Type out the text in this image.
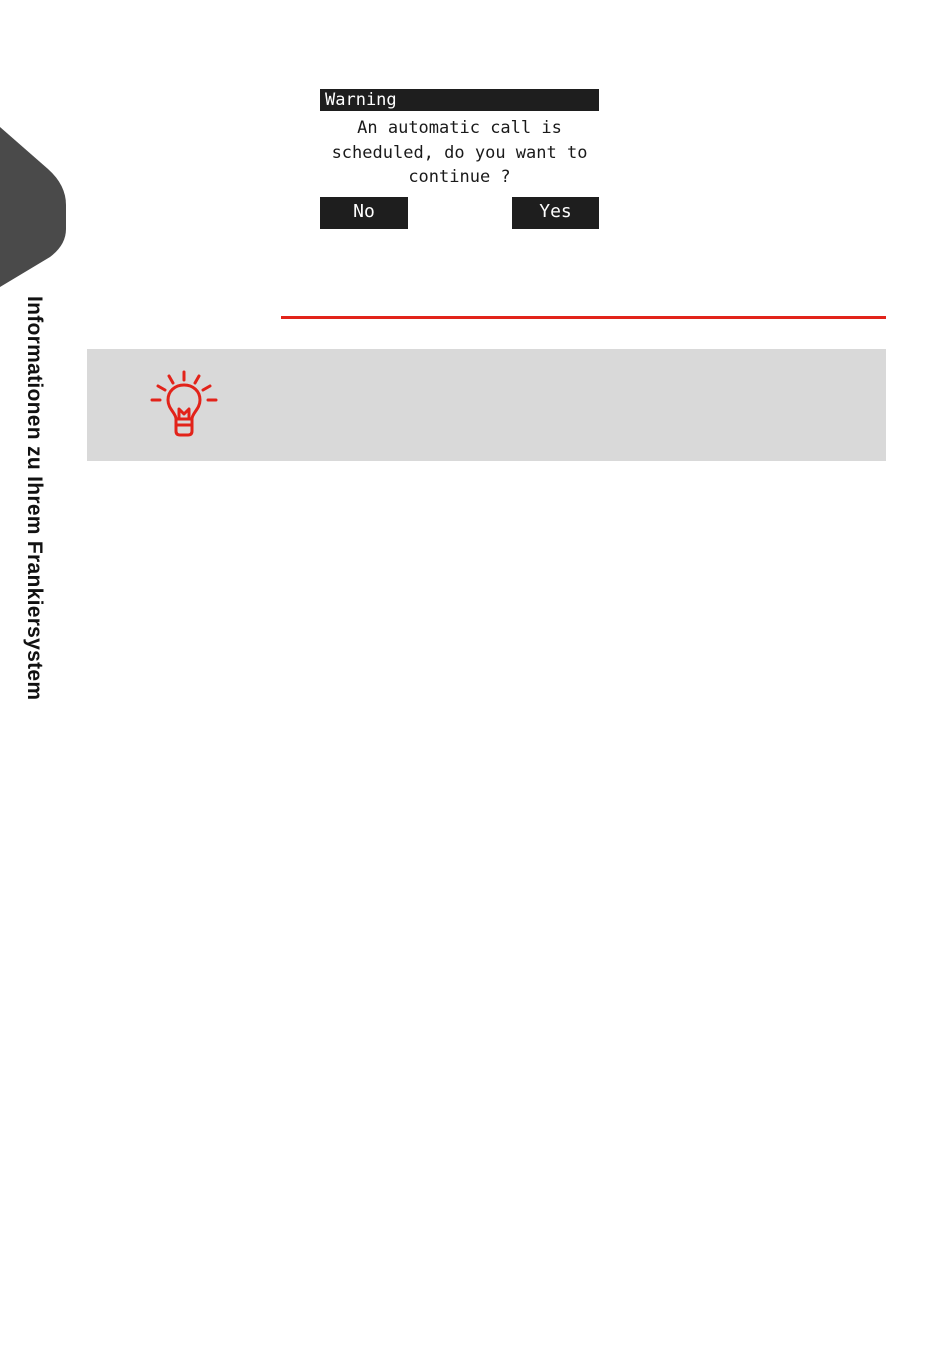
Informationen zu Ihrem Frankiersystem
Warning
An automatic call is
scheduled, do you want to
continue ?
No	Yes
